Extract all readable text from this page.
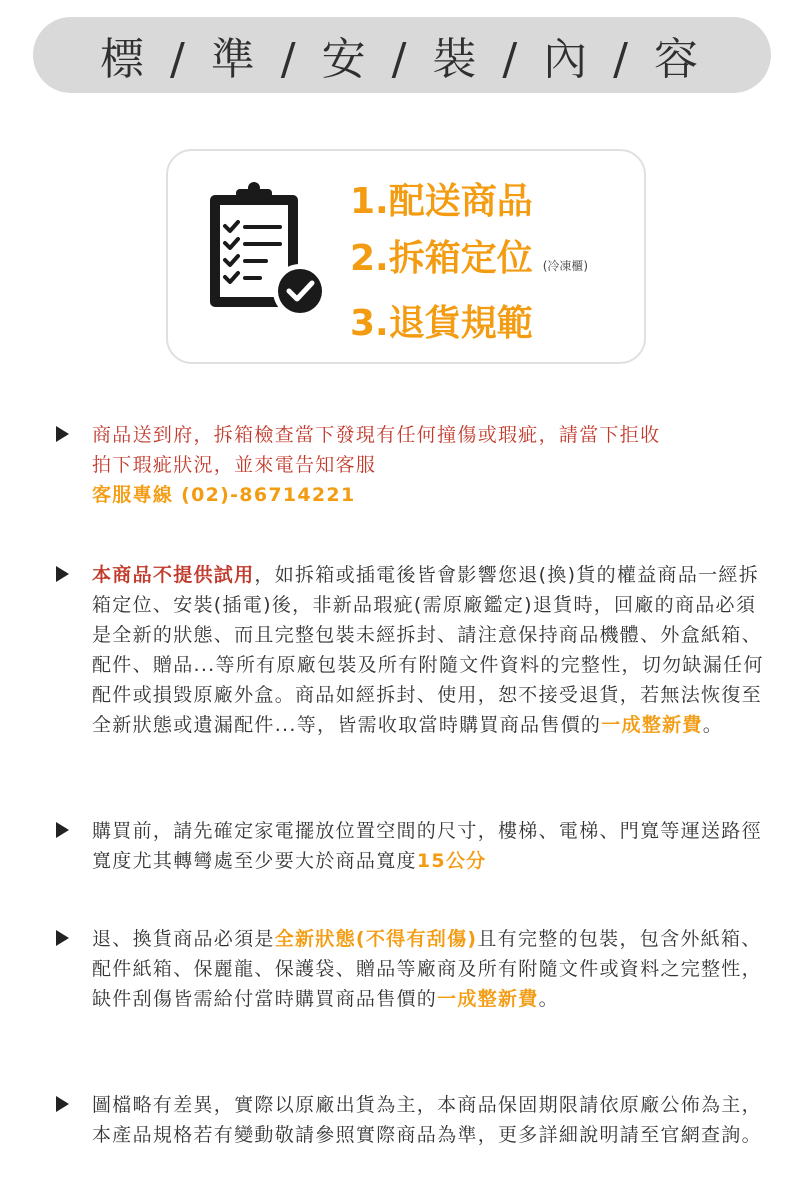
標 / 準 / 安 / 裝 / 內 / 容
1.配送商品
2.拆箱定位 (冷凍櫃)
3.退貨規範
商品送到府，拆箱檢查當下發現有任何撞傷或瑕疵，請當下拒收
拍下瑕疵狀況，並來電告知客服
客服專線 (02)-86714221
本商品不提供試用，如拆箱或插電後皆會影響您退(換)貨的權益商品一經拆箱定位、安裝(插電)後，非新品瑕疵(需原廠鑑定)退貨時，回廠的商品必須是全新的狀態、而且完整包裝未經拆封、請注意保持商品機體、外盒紙箱、配件、贈品...等所有原廠包裝及所有附隨文件資料的完整性，切勿缺漏任何配件或損毀原廠外盒。商品如經拆封、使用，恕不接受退貨，若無法恢復至全新狀態或遺漏配件...等，皆需收取當時購買商品售價的一成整新費。
購買前，請先確定家電擺放位置空間的尺寸，樓梯、電梯、門寬等運送路徑寬度尤其轉彎處至少要大於商品寬度15公分
退、換貨商品必須是全新狀態(不得有刮傷)且有完整的包裝，包含外紙箱、配件紙箱、保麗龍、保護袋、贈品等廠商及所有附隨文件或資料之完整性，缺件刮傷皆需給付當時購買商品售價的一成整新費。
圖檔略有差異，實際以原廠出貨為主，本商品保固期限請依原廠公佈為主，本產品規格若有變動敬請參照實際商品為準，更多詳細說明請至官網查詢。
